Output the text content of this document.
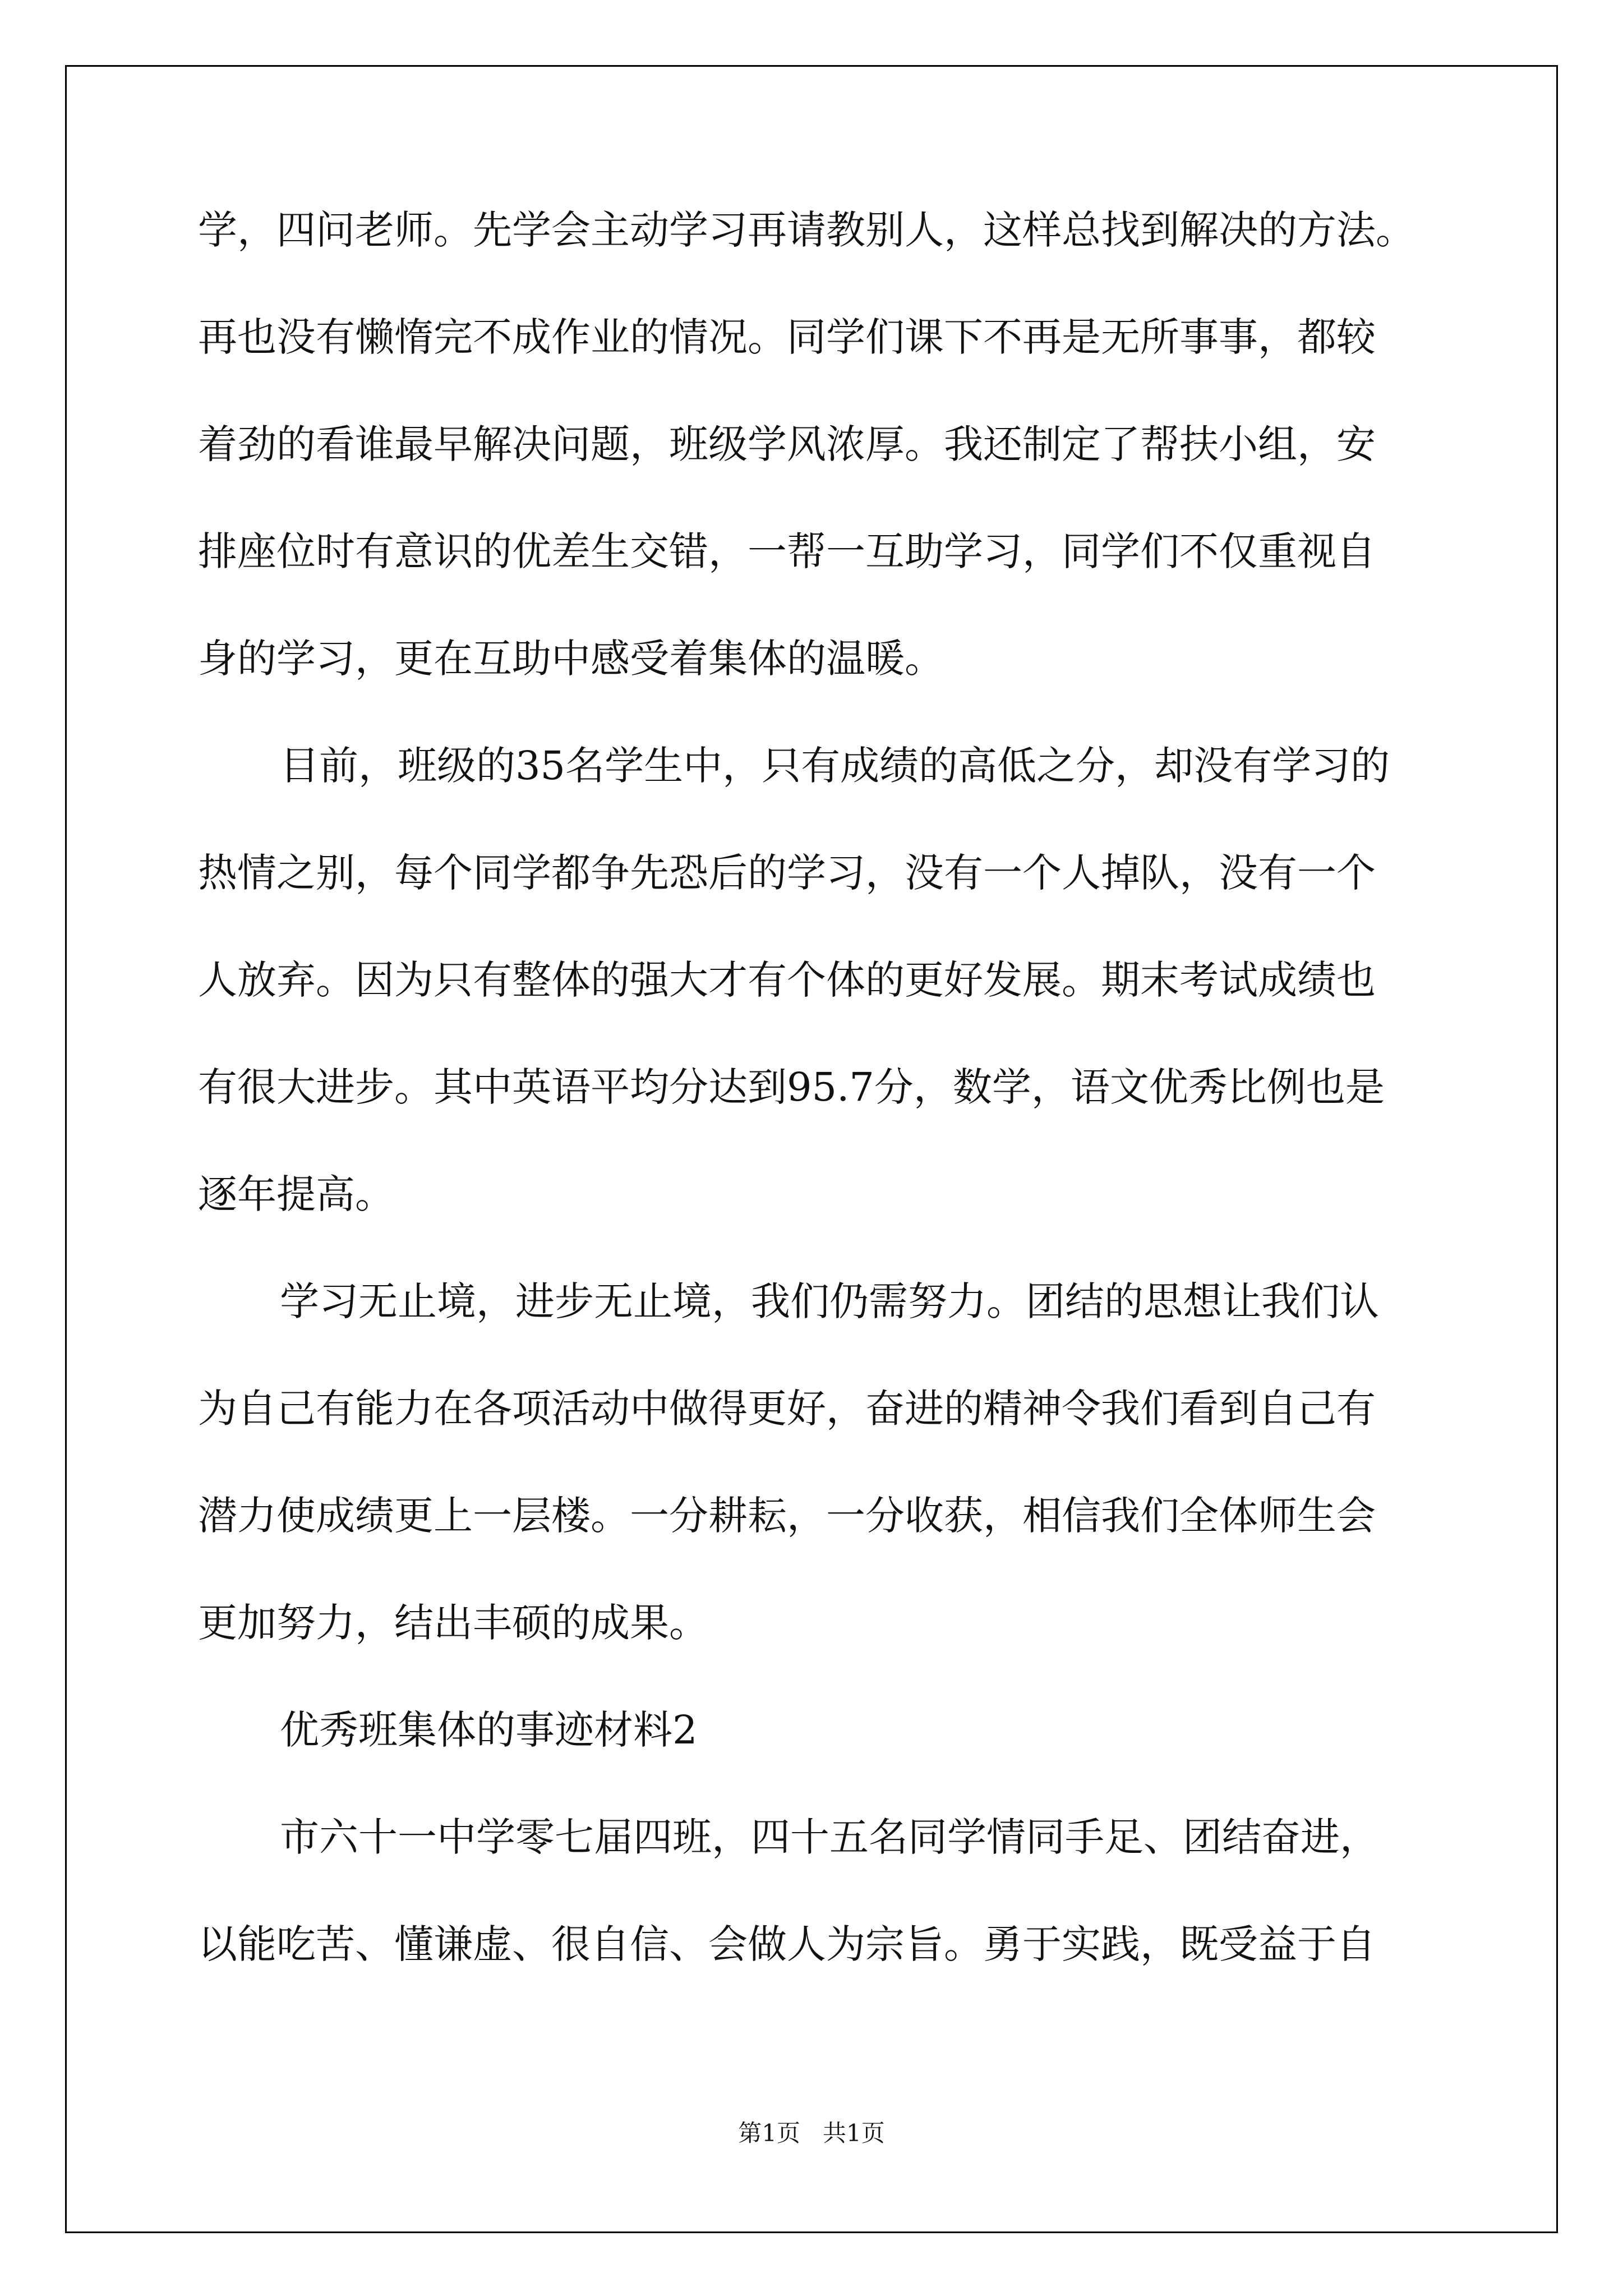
学，四问老师。先学会主动学习再请教别人，这样总找到解决的方法。
再也没有懒惰完不成作业的情况。同学们课下不再是无所事事，都较
着劲的看谁最早解决问题，班级学风浓厚。我还制定了帮扶小组，安
排座位时有意识的优差生交错，一帮一互助学习，同学们不仅重视自
身的学习，更在互助中感受着集体的温暖。
目前，班级的35名学生中，只有成绩的高低之分，却没有学习的
热情之别，每个同学都争先恐后的学习，没有一个人掉队，没有一个
人放弃。因为只有整体的强大才有个体的更好发展。期末考试成绩也
有很大进步。其中英语平均分达到95.7分，数学，语文优秀比例也是
逐年提高。
学习无止境，进步无止境，我们仍需努力。团结的思想让我们认
为自己有能力在各项活动中做得更好，奋进的精神令我们看到自己有
潜力使成绩更上一层楼。一分耕耘，一分收获，相信我们全体师生会
更加努力，结出丰硕的成果。
优秀班集体的事迹材料2
市六十一中学零七届四班，四十五名同学情同手足、团结奋进，
以能吃苦、懂谦虚、很自信、会做人为宗旨。勇于实践，既受益于自
第1页   共1页
